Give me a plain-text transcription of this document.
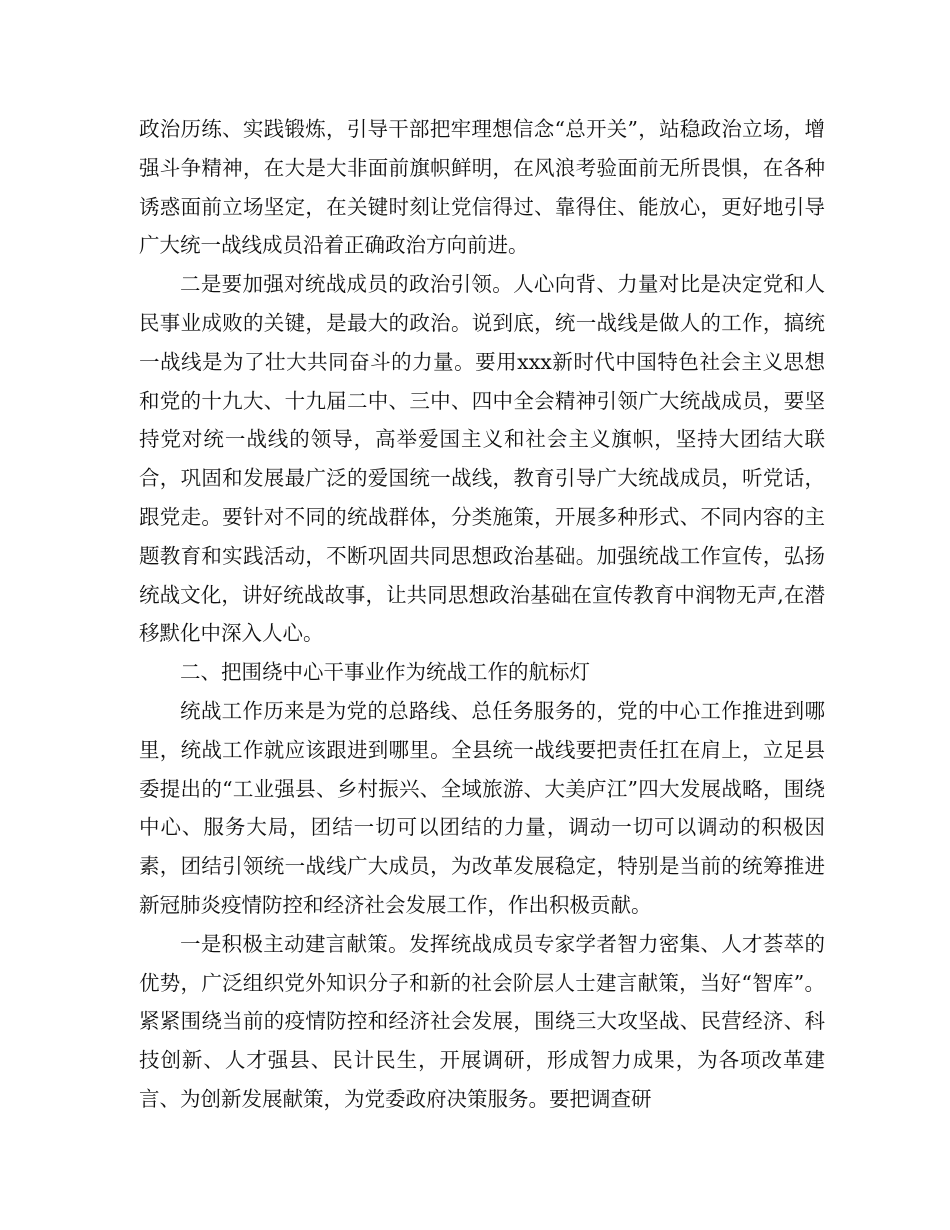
政治历练、实践锻炼，引导干部把牢理想信念“总开关”，站稳政治立场，增强斗争精神，在大是大非面前旗帜鲜明，在风浪考验面前无所畏惧，在各种诱惑面前立场坚定，在关键时刻让党信得过、靠得住、能放心，更好地引导广大统一战线成员沿着正确政治方向前进。

二是要加强对统战成员的政治引领。人心向背、力量对比是决定党和人民事业成败的关键，是最大的政治。说到底，统一战线是做人的工作，搞统一战线是为了壮大共同奋斗的力量。要用xxx新时代中国特色社会主义思想和党的十九大、十九届二中、三中、四中全会精神引领广大统战成员，要坚持党对统一战线的领导，高举爱国主义和社会主义旗帜，坚持大团结大联合，巩固和发展最广泛的爱国统一战线，教育引导广大统战成员，听党话，跟党走。要针对不同的统战群体，分类施策，开展多种形式、不同内容的主题教育和实践活动，不断巩固共同思想政治基础。加强统战工作宣传，弘扬统战文化，讲好统战故事，让共同思想政治基础在宣传教育中润物无声,在潜移默化中深入人心。

二、把围绕中心干事业作为统战工作的航标灯

统战工作历来是为党的总路线、总任务服务的，党的中心工作推进到哪里，统战工作就应该跟进到哪里。全县统一战线要把责任扛在肩上，立足县委提出的“工业强县、乡村振兴、全域旅游、大美庐江”四大发展战略，围绕中心、服务大局，团结一切可以团结的力量，调动一切可以调动的积极因素，团结引领统一战线广大成员，为改革发展稳定，特别是当前的统筹推进新冠肺炎疫情防控和经济社会发展工作，作出积极贡献。

一是积极主动建言献策。发挥统战成员专家学者智力密集、人才荟萃的优势，广泛组织党外知识分子和新的社会阶层人士建言献策，当好“智库”。紧紧围绕当前的疫情防控和经济社会发展，围绕三大攻坚战、民营经济、科技创新、人才强县、民计民生，开展调研，形成智力成果，为各项改革建言、为创新发展献策，为党委政府决策服务。要把调查研
